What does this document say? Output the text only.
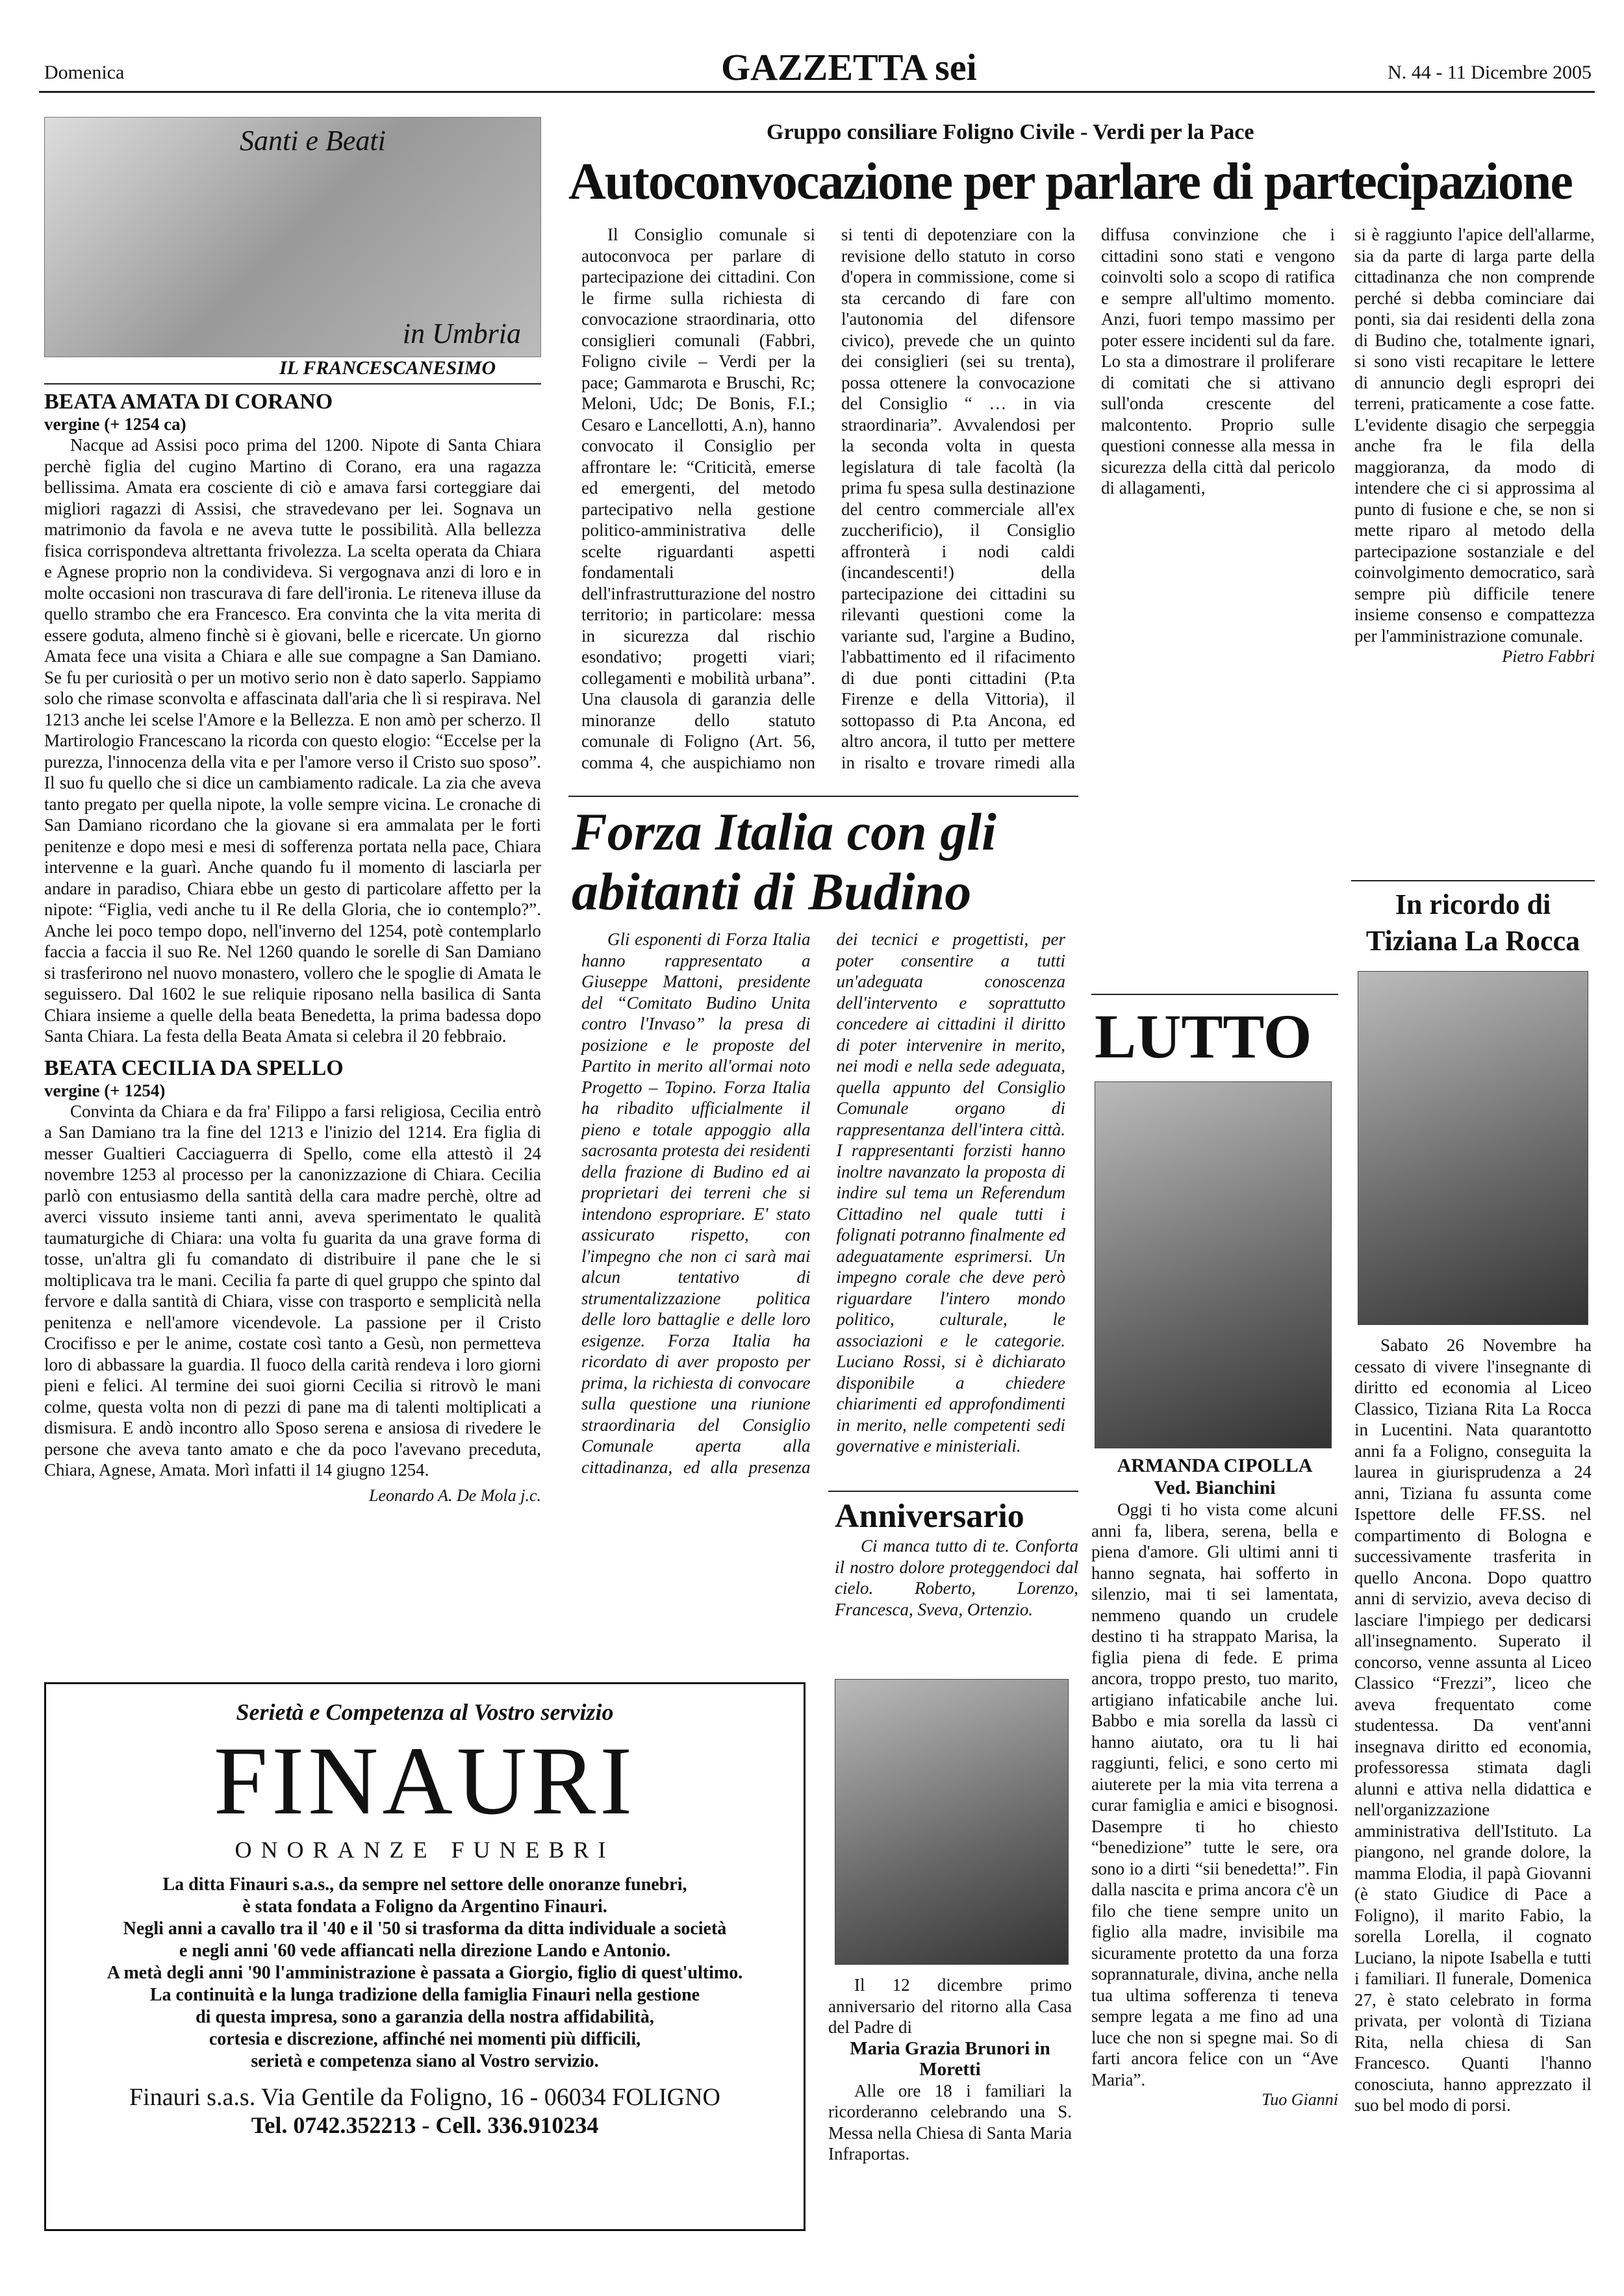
Domenica	GAZZETTA sei	N. 44 - 11 Dicembre 2005
Santi e Beati
in Umbria
IL FRANCESCANESIMO
BEATA AMATA DI CORANO
vergine (+ 1254 ca)

Nacque ad Assisi poco prima del 1200. Nipote di Santa Chiara perchè figlia del cugino Martino di Corano, era una ragazza bellissima. Amata era cosciente di ciò e amava farsi corteggiare dai migliori ragazzi di Assisi, che stravedevano per lei. Sognava un matrimonio da favola e ne aveva tutte le possibilità. Alla bellezza fisica corrispondeva altrettanta frivolezza. La scelta operata da Chiara e Agnese proprio non la condivideva. Si vergognava anzi di loro e in molte occasioni non trascurava di fare dell'ironia. Le riteneva illuse da quello strambo che era Francesco. Era convinta che la vita merita di essere goduta, almeno finchè si è giovani, belle e ricercate. Un giorno Amata fece una visita a Chiara e alle sue compagne a San Damiano. Se fu per curiosità o per un motivo serio non è dato saperlo. Sappiamo solo che rimase sconvolta e affascinata dall'aria che lì si respirava. Nel 1213 anche lei scelse l'Amore e la Bellezza. E non amò per scherzo. Il Martirologio Francescano la ricorda con questo elogio: “Eccelse per la purezza, l'innocenza della vita e per l'amore verso il Cristo suo sposo”. Il suo fu quello che si dice un cambiamento radicale. La zia che aveva tanto pregato per quella nipote, la volle sempre vicina. Le cronache di San Damiano ricordano che la giovane si era ammalata per le forti penitenze e dopo mesi e mesi di sofferenza portata nella pace, Chiara intervenne e la guarì. Anche quando fu il momento di lasciarla per andare in paradiso, Chiara ebbe un gesto di particolare affetto per la nipote: “Figlia, vedi anche tu il Re della Gloria, che io contemplo?”. Anche lei poco tempo dopo, nell'inverno del 1254, potè contemplarlo faccia a faccia il suo Re. Nel 1260 quando le sorelle di San Damiano si trasferirono nel nuovo monastero, vollero che le spoglie di Amata le seguissero. Dal 1602 le sue reliquie riposano nella basilica di Santa Chiara insieme a quelle della beata Benedetta, la prima badessa dopo Santa Chiara. La festa della Beata Amata si celebra il 20 febbraio.

BEATA CECILIA DA SPELLO
vergine (+ 1254)

Convinta da Chiara e da fra' Filippo a farsi religiosa, Cecilia entrò a San Damiano tra la fine del 1213 e l'inizio del 1214. Era figlia di messer Gualtieri Cacciaguerra di Spello, come ella attestò il 24 novembre 1253 al processo per la canonizzazione di Chiara. Cecilia parlò con entusiasmo della santità della cara madre perchè, oltre ad averci vissuto insieme tanti anni, aveva sperimentato le qualità taumaturgiche di Chiara: una volta fu guarita da una grave forma di tosse, un'altra gli fu comandato di distribuire il pane che le si moltiplicava tra le mani. Cecilia fa parte di quel gruppo che spinto dal fervore e dalla santità di Chiara, visse con trasporto e semplicità nella penitenza e nell'amore vicendevole. La passione per il Cristo Crocifisso e per le anime, costate così tanto a Gesù, non permetteva loro di abbassare la guardia. Il fuoco della carità rendeva i loro giorni pieni e felici. Al termine dei suoi giorni Cecilia si ritrovò le mani colme, questa volta non di pezzi di pane ma di talenti moltiplicati a dismisura. E andò incontro allo Sposo serena e ansiosa di rivedere le persone che aveva tanto amato e che da poco l'avevano preceduta, Chiara, Agnese, Amata. Morì infatti il 14 giugno 1254.

Leonardo A. De Mola j.c.
Gruppo consiliare Foligno Civile - Verdi per la Pace
Autoconvocazione per parlare di partecipazione

Il Consiglio comunale si autoconvoca per parlare di partecipazione dei cittadini. Con le firme sulla richiesta di convocazione straordinaria, otto consiglieri comunali (Fabbri, Foligno civile – Verdi per la pace; Gammarota e Bruschi, Rc; Meloni, Udc; De Bonis, F.I.; Cesaro e Lancellotti, A.n), hanno convocato il Consiglio per affrontare le: “Criticità, emerse ed emergenti, del metodo partecipativo nella gestione politico-amministrativa delle scelte riguardanti aspetti fondamentali dell'infrastrutturazione del nostro territorio; in particolare: messa in sicurezza dal rischio esondativo; progetti viari; collegamenti e mobilità urbana”. Una clausola di garanzia delle minoranze dello statuto comunale di Foligno (Art. 56, comma 4, che auspichiamo non si tenti di depotenziare con la revisione dello statuto in corso d'opera in commissione, come si sta cercando di fare con l'autonomia del difensore civico), prevede che un quinto dei consiglieri (sei su trenta), possa ottenere la convocazione del Consiglio “ … in via straordinaria”. Avvalendosi per la seconda volta in questa legislatura di tale facoltà (la prima fu spesa sulla destinazione del centro commerciale all'ex zuccherificio), il Consiglio affronterà i nodi caldi (incandescenti!) della partecipazione dei cittadini su rilevanti questioni come la variante sud, l'argine a Budino, l'abbattimento ed il rifacimento di due ponti cittadini (P.ta Firenze e della Vittoria), il sottopasso di P.ta Ancona, ed altro ancora, il tutto per mettere in risalto e trovare rimedi alla diffusa convinzione che i cittadini sono stati e vengono coinvolti solo a scopo di ratifica e sempre all'ultimo momento. Anzi, fuori tempo massimo per poter essere incidenti sul da fare. Lo sta a dimostrare il proliferare di comitati che si attivano sull'onda crescente del malcontento. Proprio sulle questioni connesse alla messa in sicurezza della città dal pericolo di allagamenti,

si è raggiunto l'apice dell'allarme, sia da parte di larga parte della cittadinanza che non comprende perché si debba cominciare dai ponti, sia dai residenti della zona di Budino che, totalmente ignari, si sono visti recapitare le lettere di annuncio degli espropri dei terreni, praticamente a cose fatte. L'evidente disagio che serpeggia anche fra le fila della maggioranza, da modo di intendere che ci si approssima al punto di fusione e che, se non si mette riparo al metodo della partecipazione sostanziale e del coinvolgimento democratico, sarà sempre più difficile tenere insieme consenso e compattezza per l'amministrazione comunale.

Pietro Fabbri
Forza Italia con gli abitanti di Budino

Gli esponenti di Forza Italia hanno rappresentato a Giuseppe Mattoni, presidente del “Comitato Budino Unita contro l'Invaso” la presa di posizione e le proposte del Partito in merito all'ormai noto Progetto – Topino. Forza Italia ha ribadito ufficialmente il pieno e totale appoggio alla sacrosanta protesta dei residenti della frazione di Budino ed ai proprietari dei terreni che si intendono espropriare. E' stato assicurato rispetto, con l'impegno che non ci sarà mai alcun tentativo di strumentalizzazione politica delle loro battaglie e delle loro esigenze. Forza Italia ha ricordato di aver proposto per prima, la richiesta di convocare sulla questione una riunione straordinaria del Consiglio Comunale aperta alla cittadinanza, ed alla presenza dei tecnici e progettisti, per poter consentire a tutti un'adeguata conoscenza dell'intervento e soprattutto concedere ai cittadini il diritto di poter intervenire in merito, nei modi e nella sede adeguata, quella appunto del Consiglio Comunale organo di rappresentanza dell'intera città. I rappresentanti forzisti hanno inoltre navanzato la proposta di indire sul tema un Referendum Cittadino nel quale tutti i folignati potranno finalmente ed adeguatamente esprimersi. Un impegno corale che deve però riguardare l'intero mondo politico, culturale, le associazioni e le categorie. Luciano Rossi, si è dichiarato disponibile a chiedere chiarimenti ed approfondimenti in merito, nelle competenti sedi governative e ministeriali.

Anniversario

Ci manca tutto di te. Conforta il nostro dolore proteggendoci dal cielo. Roberto, Lorenzo, Francesca, Sveva, Ortenzio.

Il 12 dicembre primo anniversario del ritorno alla Casa del Padre di

Maria Grazia Brunori in Moretti

Alle ore 18 i familiari la ricorderanno celebrando una S. Messa nella Chiesa di Santa Maria Infraportas.

LUTTO
ARMANDA CIPOLLA
Ved. Bianchini

Oggi ti ho vista come alcuni anni fa, libera, serena, bella e piena d'amore. Gli ultimi anni ti hanno segnata, hai sofferto in silenzio, mai ti sei lamentata, nemmeno quando un crudele destino ti ha strappato Marisa, la figlia piena di fede. E prima ancora, troppo presto, tuo marito, artigiano infaticabile anche lui. Babbo e mia sorella da lassù ci hanno aiutato, ora tu li hai raggiunti, felici, e sono certo mi aiuterete per la mia vita terrena a curar famiglia e amici e bisognosi. Dasempre ti ho chiesto “benedizione” tutte le sere, ora sono io a dirti “sii benedetta!”. Fin dalla nascita e prima ancora c'è un filo che tiene sempre unito un figlio alla madre, invisibile ma sicuramente protetto da una forza soprannaturale, divina, anche nella tua ultima sofferenza ti teneva sempre legata a me fino ad una luce che non si spegne mai. So di farti ancora felice con un “Ave Maria”.

Tuo Gianni
In ricordo di Tiziana La Rocca

Sabato 26 Novembre ha cessato di vivere l'insegnante di diritto ed economia al Liceo Classico, Tiziana Rita La Rocca in Lucentini. Nata quarantotto anni fa a Foligno, conseguita la laurea in giurisprudenza a 24 anni, Tiziana fu assunta come Ispettore delle FF.SS. nel compartimento di Bologna e successivamente trasferita in quello Ancona. Dopo quattro anni di servizio, aveva deciso di lasciare l'impiego per dedicarsi all'insegnamento. Superato il concorso, venne assunta al Liceo Classico “Frezzi”, liceo che aveva frequentato come studentessa. Da vent'anni insegnava diritto ed economia, professoressa stimata dagli alunni e attiva nella didattica e nell'organizzazione amministrativa dell'Istituto. La piangono, nel grande dolore, la mamma Elodia, il papà Giovanni (è stato Giudice di Pace a Foligno), il marito Fabio, la sorella Lorella, il cognato Luciano, la nipote Isabella e tutti i familiari. Il funerale, Domenica 27, è stato celebrato in forma privata, per volontà di Tiziana Rita, nella chiesa di San Francesco. Quanti l'hanno conosciuta, hanno apprezzato il suo bel modo di porsi.

Serietà e Competenza al Vostro servizio
FINAURI
ONORANZE FUNEBRI
La ditta Finauri s.a.s., da sempre nel settore delle onoranze funebri,
è stata fondata a Foligno da Argentino Finauri.
Negli anni a cavallo tra il '40 e il '50 si trasforma da ditta individuale a società
e negli anni '60 vede affiancati nella direzione Lando e Antonio.
A metà degli anni '90 l'amministrazione è passata a Giorgio, figlio di quest'ultimo.
La continuità e la lunga tradizione della famiglia Finauri nella gestione
di questa impresa, sono a garanzia della nostra affidabilità,
cortesia e discrezione, affinché nei momenti più difficili,
serietà e competenza siano al Vostro servizio.
Finauri s.a.s. Via Gentile da Foligno, 16 - 06034 FOLIGNO
Tel. 0742.352213 - Cell. 336.910234
